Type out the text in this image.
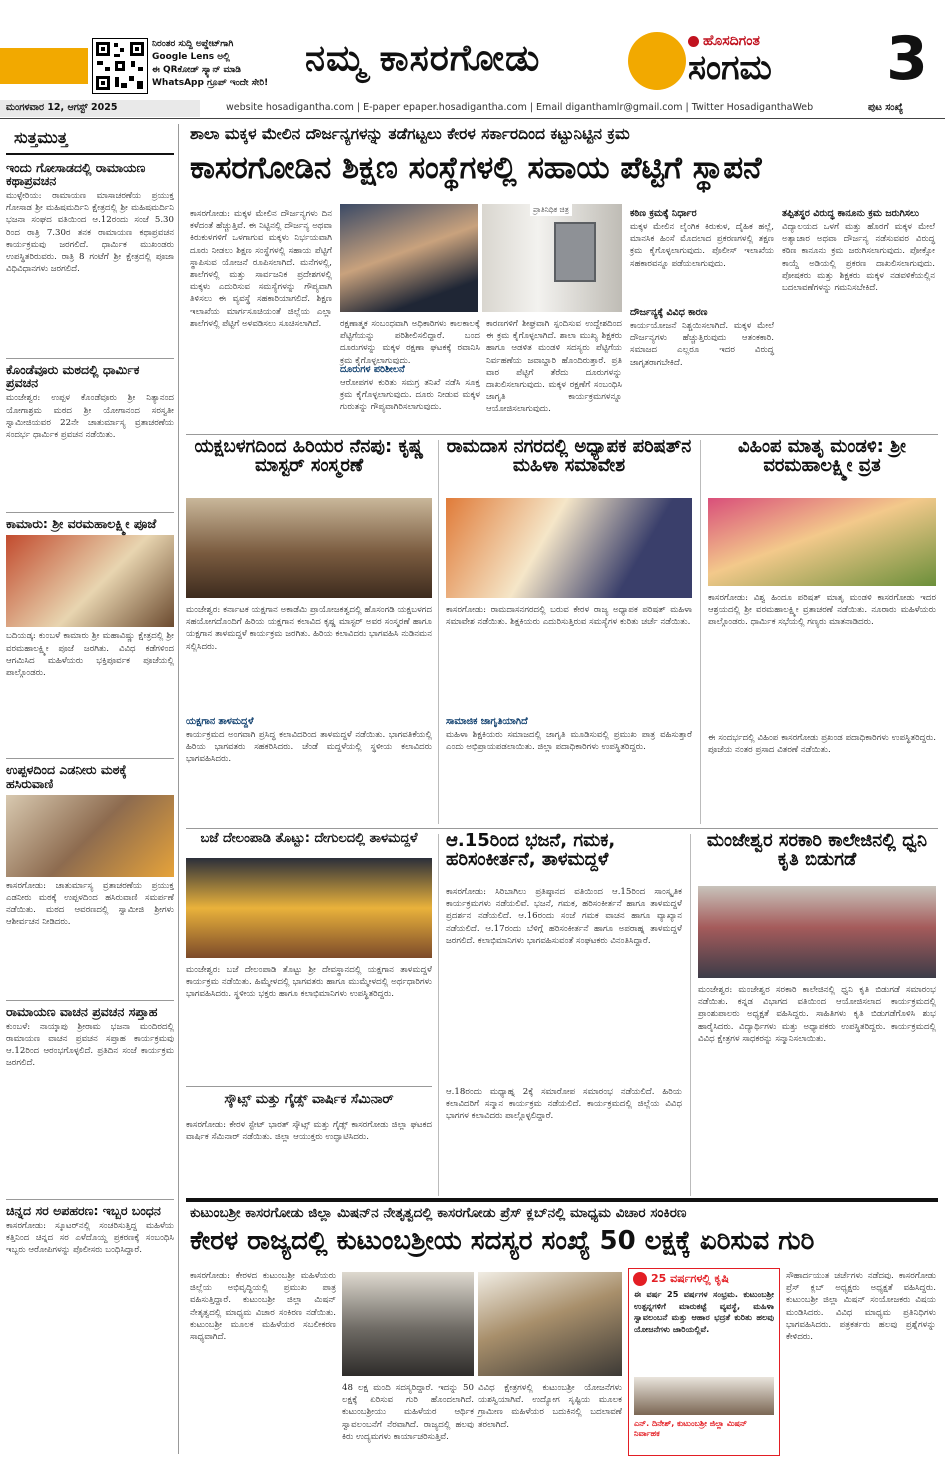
ನಿರಂತರ ಸುದ್ದಿ ಅಪ್ಡೇಟ್‌ಗಾಗಿ
Google Lens ಅಲ್ಲಿ
ಈ QRಕೋಡ್ ಸ್ಕ್ಯಾನ್ ಮಾಡಿ
WhatsApp ಗ್ರೂಪ್ ಇಂದೇ ಸೇರಿ!
ನಮ್ಮ ಕಾಸರಗೋಡು	ಹೊಸದಿಗಂತ
ಸಂಗಮ	3
ಮಂಗಳವಾರ 12, ಆಗಸ್ಟ್ 2025	website hosadigantha.com | E-paper epaper.hosadigantha.com | Email diganthamlr@gmail.com | Twitter HosadiganthaWeb	ಪುಟ ಸಂಖ್ಯೆ
ಸುತ್ತಮುತ್ತ
ಇಂದು ಗೋಸಾಡದಲ್ಲಿ ರಾಮಾಯಣ ಕಥಾಪ್ರವಚನ
ಮುಳ್ಳೇರಿಯ: ರಾಮಾಯಣ ಮಾಸಾಚರಣೆಯ ಪ್ರಯುಕ್ತ ಗೋಸಾಡ ಶ್ರೀ ಮಹಿಷಮರ್ದಿನಿ ಕ್ಷೇತ್ರದಲ್ಲಿ ಶ್ರೀ ಮಹಿಷಮರ್ದಿನಿ ಭಜನಾ ಸಂಘದ ವತಿಯಿಂದ ಆ.12ರಂದು ಸಂಜೆ 5.30 ರಿಂದ ರಾತ್ರಿ 7.30ರ ತನಕ ರಾಮಾಯಣ ಕಥಾಪ್ರವಚನ ಕಾರ್ಯಕ್ರಮವು ಜರಗಲಿದೆ. ಧಾರ್ಮಿಕ ಮುಖಂಡರು ಉಪಸ್ಥಿತರಿರುವರು. ರಾತ್ರಿ 8 ಗಂಟೆಗೆ ಶ್ರೀ ಕ್ಷೇತ್ರದಲ್ಲಿ ಪೂಜಾ ವಿಧಿವಿಧಾನಗಳು ಜರಗಲಿದೆ.
ಕೊಂಡೆವೂರು ಮಠದಲ್ಲಿ ಧಾರ್ಮಿಕ ಪ್ರವಚನ
ಮಂಜೇಶ್ವರ: ಉಪ್ಪಳ ಕೊಂಡೆವೂರು ಶ್ರೀ ನಿತ್ಯಾನಂದ ಯೋಗಾಶ್ರಮ ಮಠದ ಶ್ರೀ ಯೋಗಾನಂದ ಸರಸ್ವತೀ ಸ್ವಾಮೀಜಿಯವರ 22ನೇ ಚಾತುರ್ಮಾಸ್ಯ ವ್ರತಾಚರಣೆಯ ಸಂದರ್ಭ ಧಾರ್ಮಿಕ ಪ್ರವಚನ ನಡೆಯಿತು.
ಕಾಮಾರು: ಶ್ರೀ ವರಮಹಾಲಕ್ಷ್ಮೀ ಪೂಜೆ
ಬದಿಯಡ್ಕ: ಕುಂಬಳೆ ಕಾಮಾರು ಶ್ರೀ ಮಹಾವಿಷ್ಣು ಕ್ಷೇತ್ರದಲ್ಲಿ ಶ್ರೀ ವರಮಹಾಲಕ್ಷ್ಮೀ ಪೂಜೆ ಜರಗಿತು. ವಿವಿಧ ಕಡೆಗಳಿಂದ ಆಗಮಿಸಿದ ಮಹಿಳೆಯರು ಭಕ್ತಿಪೂರ್ವಕ ಪೂಜೆಯಲ್ಲಿ ಪಾಲ್ಗೊಂಡರು.
ಉಪ್ಪಳದಿಂದ ಎಡನೀರು ಮಠಕ್ಕೆ ಹಸಿರುವಾಣಿ
ಕಾಸರಗೋಡು: ಚಾತುರ್ಮಾಸ್ಯ ವ್ರತಾಚರಣೆಯ ಪ್ರಯುಕ್ತ ಎಡನೀರು ಮಠಕ್ಕೆ ಉಪ್ಪಳದಿಂದ ಹಸಿರುವಾಣಿ ಸಮರ್ಪಣೆ ನಡೆಯಿತು. ಮಠದ ಆವರಣದಲ್ಲಿ ಸ್ವಾಮೀಜಿ ಶ್ರೀಗಳು ಆಶೀರ್ವಚನ ನೀಡಿದರು.
ರಾಮಾಯಣ ವಾಚನ ಪ್ರವಚನ ಸಪ್ತಾಹ
ಕುಂಬಳೆ: ನಾಯ್ಕಾಪು ಶ್ರೀರಾಮ ಭಜನಾ ಮಂದಿರದಲ್ಲಿ ರಾಮಾಯಣ ವಾಚನ ಪ್ರವಚನ ಸಪ್ತಾಹ ಕಾರ್ಯಕ್ರಮವು ಆ.12ರಿಂದ ಆರಂಭಗೊಳ್ಳಲಿದೆ. ಪ್ರತಿದಿನ ಸಂಜೆ ಕಾರ್ಯಕ್ರಮ ಜರಗಲಿದೆ.
ಚಿನ್ನದ ಸರ ಅಪಹರಣ: ಇಬ್ಬರ ಬಂಧನ
ಕಾಸರಗೋಡು: ಸ್ಕೂಟರ್‌ನಲ್ಲಿ ಸಂಚರಿಸುತ್ತಿದ್ದ ಮಹಿಳೆಯ ಕತ್ತಿನಿಂದ ಚಿನ್ನದ ಸರ ಎಳೆದೊಯ್ದ ಪ್ರಕರಣಕ್ಕೆ ಸಂಬಂಧಿಸಿ ಇಬ್ಬರು ಆರೋಪಿಗಳನ್ನು ಪೊಲೀಸರು ಬಂಧಿಸಿದ್ದಾರೆ.
ಶಾಲಾ ಮಕ್ಕಳ ಮೇಲಿನ ದೌರ್ಜನ್ಯಗಳನ್ನು ತಡೆಗಟ್ಟಲು ಕೇರಳ ಸರ್ಕಾರದಿಂದ ಕಟ್ಟುನಿಟ್ಟಿನ ಕ್ರಮ
ಕಾಸರಗೋಡಿನ ಶಿಕ್ಷಣ ಸಂಸ್ಥೆಗಳಲ್ಲಿ ಸಹಾಯ ಪೆಟ್ಟಿಗೆ ಸ್ಥಾಪನೆ
ಪ್ರಾತಿನಿಧಿಕ ಚಿತ್ರ
ಕಾಸರಗೋಡು: ಮಕ್ಕಳ ಮೇಲಿನ ದೌರ್ಜನ್ಯಗಳು ದಿನ ಕಳೆದಂತೆ ಹೆಚ್ಚುತ್ತಿವೆ. ಈ ನಿಟ್ಟಿನಲ್ಲಿ ದೌರ್ಜನ್ಯ ಅಥವಾ ಕಿರುಕುಳಗಳಿಗೆ ಒಳಗಾಗುವ ಮಕ್ಕಳು ನಿರ್ಭಯವಾಗಿ ದೂರು ನೀಡಲು ಶಿಕ್ಷಣ ಸಂಸ್ಥೆಗಳಲ್ಲಿ ಸಹಾಯ ಪೆಟ್ಟಿಗೆ ಸ್ಥಾಪಿಸುವ ಯೋಜನೆ ರೂಪಿಸಲಾಗಿದೆ. ಮನೆಗಳಲ್ಲಿ, ಶಾಲೆಗಳಲ್ಲಿ ಮತ್ತು ಸಾರ್ವಜನಿಕ ಪ್ರದೇಶಗಳಲ್ಲಿ ಮಕ್ಕಳು ಎದುರಿಸುವ ಸಮಸ್ಯೆಗಳನ್ನು ಗೌಪ್ಯವಾಗಿ ತಿಳಿಸಲು ಈ ವ್ಯವಸ್ಥೆ ಸಹಕಾರಿಯಾಗಲಿದೆ. ಶಿಕ್ಷಣ ಇಲಾಖೆಯ ಮಾರ್ಗಸೂಚಿಯಂತೆ ಜಿಲ್ಲೆಯ ಎಲ್ಲಾ ಶಾಲೆಗಳಲ್ಲಿ ಪೆಟ್ಟಿಗೆ ಅಳವಡಿಸಲು ಸೂಚಿಸಲಾಗಿದೆ.	ರಕ್ಷಣಾತ್ಮಕ ಸಂಬಂಧವಾಗಿ ಅಧಿಕಾರಿಗಳು ಕಾಲಕಾಲಕ್ಕೆ ಪೆಟ್ಟಿಗೆಯನ್ನು ಪರಿಶೀಲಿಸಲಿದ್ದಾರೆ. ಬಂದ ದೂರುಗಳನ್ನು ಮಕ್ಕಳ ರಕ್ಷಣಾ ಘಟಕಕ್ಕೆ ರವಾನಿಸಿ ಕ್ರಮ ಕೈಗೊಳ್ಳಲಾಗುವುದು.
ದೂರುಗಳ ಪರಿಶೀಲನೆ
ಆರೋಪಗಳ ಕುರಿತು ಸಮಗ್ರ ತನಿಖೆ ನಡೆಸಿ ಸೂಕ್ತ ಕ್ರಮ ಕೈಗೊಳ್ಳಲಾಗುವುದು. ದೂರು ನೀಡುವ ಮಕ್ಕಳ ಗುರುತನ್ನು ಗೌಪ್ಯವಾಗಿರಿಸಲಾಗುವುದು.
ಕಾರಣಗಳಿಗೆ ಶೀಘ್ರವಾಗಿ ಸ್ಪಂದಿಸುವ ಉದ್ದೇಶದಿಂದ ಈ ಕ್ರಮ ಕೈಗೊಳ್ಳಲಾಗಿದೆ. ಶಾಲಾ ಮುಖ್ಯ ಶಿಕ್ಷಕರು ಹಾಗೂ ಆಡಳಿತ ಮಂಡಳಿ ಸದಸ್ಯರು ಪೆಟ್ಟಿಗೆಯ ನಿರ್ವಹಣೆಯ ಜವಾಬ್ದಾರಿ ಹೊಂದಿರುತ್ತಾರೆ. ಪ್ರತಿ ವಾರ ಪೆಟ್ಟಿಗೆ ತೆರೆದು ದೂರುಗಳನ್ನು ದಾಖಲಿಸಲಾಗುವುದು. ಮಕ್ಕಳ ರಕ್ಷಣೆಗೆ ಸಂಬಂಧಿಸಿ ಜಾಗೃತಿ ಕಾರ್ಯಕ್ರಮಗಳನ್ನೂ ಆಯೋಜಿಸಲಾಗುವುದು.
ಕಠಿಣ ಕ್ರಮಕ್ಕೆ ನಿರ್ಧಾರ
ಮಕ್ಕಳ ಮೇಲಿನ ಲೈಂಗಿಕ ಕಿರುಕುಳ, ದೈಹಿಕ ಹಲ್ಲೆ, ಮಾನಸಿಕ ಹಿಂಸೆ ಮೊದಲಾದ ಪ್ರಕರಣಗಳಲ್ಲಿ ತಕ್ಷಣ ಕ್ರಮ ಕೈಗೊಳ್ಳಲಾಗುವುದು. ಪೊಲೀಸ್ ಇಲಾಖೆಯ ಸಹಕಾರವನ್ನೂ ಪಡೆಯಲಾಗುವುದು.
ದೌರ್ಜನ್ಯಕ್ಕೆ ವಿವಿಧ ಕಾರಣ
ಕಾರ್ಯಯೋಜನೆ ನಿಶ್ಚಯಿಸಲಾಗಿದೆ. ಮಕ್ಕಳ ಮೇಲೆ ದೌರ್ಜನ್ಯಗಳು ಹೆಚ್ಚುತ್ತಿರುವುದು ಆತಂಕಕಾರಿ. ಸಮಾಜದ ಎಲ್ಲರೂ ಇದರ ವಿರುದ್ಧ ಜಾಗೃತರಾಗಬೇಕಿದೆ.
ತಪ್ಪಿತಸ್ಥರ ವಿರುದ್ಧ ಕಾನೂನು ಕ್ರಮ ಜರುಗಿಸಲು
ವಿದ್ಯಾಲಯದ ಒಳಗೆ ಮತ್ತು ಹೊರಗೆ ಮಕ್ಕಳ ಮೇಲೆ ಅತ್ಯಾಚಾರ ಅಥವಾ ದೌರ್ಜನ್ಯ ನಡೆಸುವವರ ವಿರುದ್ಧ ಕಠಿಣ ಕಾನೂನು ಕ್ರಮ ಜರುಗಿಸಲಾಗುವುದು. ಪೋಕ್ಸೋ ಕಾಯ್ದೆ ಅಡಿಯಲ್ಲಿ ಪ್ರಕರಣ ದಾಖಲಿಸಲಾಗುವುದು. ಪೋಷಕರು ಮತ್ತು ಶಿಕ್ಷಕರು ಮಕ್ಕಳ ನಡವಳಿಕೆಯಲ್ಲಿನ ಬದಲಾವಣೆಗಳನ್ನು ಗಮನಿಸಬೇಕಿದೆ.
ಯಕ್ಷಬಳಗದಿಂದ ಹಿರಿಯರ ನೆನಪು: ಕೃಷ್ಣ ಮಾಸ್ಟರ್ ಸಂಸ್ಮರಣೆ
ಮಂಜೇಶ್ವರ: ಕರ್ನಾಟಕ ಯಕ್ಷಗಾನ ಅಕಾಡೆಮಿ ಪ್ರಾಯೋಜಕತ್ವದಲ್ಲಿ ಹೊಸಂಗಡಿ ಯಕ್ಷಬಳಗದ ಸಹಯೋಗದೊಂದಿಗೆ ಹಿರಿಯ ಯಕ್ಷಗಾನ ಕಲಾವಿದ ಕೃಷ್ಣ ಮಾಸ್ಟರ್ ಅವರ ಸಂಸ್ಮರಣೆ ಹಾಗೂ ಯಕ್ಷಗಾನ ತಾಳಮದ್ದಳೆ ಕಾರ್ಯಕ್ರಮ ಜರಗಿತು. ಹಿರಿಯ ಕಲಾವಿದರು ಭಾಗವಹಿಸಿ ನುಡಿನಮನ ಸಲ್ಲಿಸಿದರು.
ಯಕ್ಷಗಾನ ತಾಳಮದ್ದಳೆ
ಕಾರ್ಯಕ್ರಮದ ಅಂಗವಾಗಿ ಪ್ರಸಿದ್ಧ ಕಲಾವಿದರಿಂದ ತಾಳಮದ್ದಳೆ ನಡೆಯಿತು. ಭಾಗವತಿಕೆಯಲ್ಲಿ ಹಿರಿಯ ಭಾಗವತರು ಸಹಕರಿಸಿದರು. ಚೆಂಡೆ ಮದ್ದಳೆಯಲ್ಲಿ ಸ್ಥಳೀಯ ಕಲಾವಿದರು ಭಾಗವಹಿಸಿದರು.
ರಾಮದಾಸ ನಗರದಲ್ಲಿ ಅಧ್ಯಾಪಕ ಪರಿಷತ್‌ನ ಮಹಿಳಾ ಸಮಾವೇಶ
ಕಾಸರಗೋಡು: ರಾಮದಾಸನಗರದಲ್ಲಿ ಬರುವ ಕೇರಳ ರಾಜ್ಯ ಅಧ್ಯಾಪಕ ಪರಿಷತ್ ಮಹಿಳಾ ಸಮಾವೇಶ ನಡೆಯಿತು. ಶಿಕ್ಷಕಿಯರು ಎದುರಿಸುತ್ತಿರುವ ಸಮಸ್ಯೆಗಳ ಕುರಿತು ಚರ್ಚೆ ನಡೆಯಿತು.
ಸಾಮಾಜಿಕ ಜಾಗೃತಿಯಾಗಿದೆ
ಮಹಿಳಾ ಶಿಕ್ಷಕಿಯರು ಸಮಾಜದಲ್ಲಿ ಜಾಗೃತಿ ಮೂಡಿಸುವಲ್ಲಿ ಪ್ರಮುಖ ಪಾತ್ರ ವಹಿಸುತ್ತಾರೆ ಎಂದು ಅಭಿಪ್ರಾಯಪಡಲಾಯಿತು. ಜಿಲ್ಲಾ ಪದಾಧಿಕಾರಿಗಳು ಉಪಸ್ಥಿತರಿದ್ದರು.
ವಿಹಿಂಪ ಮಾತೃ ಮಂಡಳಿ: ಶ್ರೀ ವರಮಹಾಲಕ್ಷ್ಮೀ ವ್ರತ
ಕಾಸರಗೋಡು: ವಿಶ್ವ ಹಿಂದೂ ಪರಿಷತ್ ಮಾತೃ ಮಂಡಳಿ ಕಾಸರಗೋಡು ಇದರ ಆಶ್ರಯದಲ್ಲಿ ಶ್ರೀ ವರಮಹಾಲಕ್ಷ್ಮೀ ವ್ರತಾಚರಣೆ ನಡೆಯಿತು. ನೂರಾರು ಮಹಿಳೆಯರು ಪಾಲ್ಗೊಂಡರು. ಧಾರ್ಮಿಕ ಸಭೆಯಲ್ಲಿ ಗಣ್ಯರು ಮಾತನಾಡಿದರು.
ಈ ಸಂದರ್ಭದಲ್ಲಿ ವಿಹಿಂಪ ಕಾಸರಗೋಡು ಪ್ರಖಂಡ ಪದಾಧಿಕಾರಿಗಳು ಉಪಸ್ಥಿತರಿದ್ದರು. ಪೂಜೆಯ ನಂತರ ಪ್ರಸಾದ ವಿತರಣೆ ನಡೆಯಿತು.
ಬಜೆ ದೇಲಂಪಾಡಿ ತೊಟ್ಟು: ದೇಗುಲದಲ್ಲಿ ತಾಳಮದ್ದಳೆ
ಮಂಜೇಶ್ವರ: ಬಜೆ ದೇಲಂಪಾಡಿ ತೊಟ್ಟು ಶ್ರೀ ದೇವಸ್ಥಾನದಲ್ಲಿ ಯಕ್ಷಗಾನ ತಾಳಮದ್ದಳೆ ಕಾರ್ಯಕ್ರಮ ನಡೆಯಿತು. ಹಿಮ್ಮೇಳದಲ್ಲಿ ಭಾಗವತರು ಹಾಗೂ ಮುಮ್ಮೇಳದಲ್ಲಿ ಅರ್ಥಧಾರಿಗಳು ಭಾಗವಹಿಸಿದರು. ಸ್ಥಳೀಯ ಭಕ್ತರು ಹಾಗೂ ಕಲಾಭಿಮಾನಿಗಳು ಉಪಸ್ಥಿತರಿದ್ದರು.
ಸ್ಕೌಟ್ಸ್ ಮತ್ತು ಗೈಡ್ಸ್ ವಾರ್ಷಿಕ ಸೆಮಿನಾರ್
ಕಾಸರಗೋಡು: ಕೇರಳ ಸ್ಟೇಟ್ ಭಾರತ್ ಸ್ಕೌಟ್ಸ್ ಮತ್ತು ಗೈಡ್ಸ್ ಕಾಸರಗೋಡು ಜಿಲ್ಲಾ ಘಟಕದ ವಾರ್ಷಿಕ ಸೆಮಿನಾರ್ ನಡೆಯಿತು. ಜಿಲ್ಲಾ ಆಯುಕ್ತರು ಉದ್ಘಾಟಿಸಿದರು.
ಆ.15ರಿಂದ ಭಜನೆ, ಗಮಕ, ಹರಿಸಂಕೀರ್ತನೆ, ತಾಳಮದ್ದಳೆ
ಕಾಸರಗೋಡು: ಸಿರಿಬಾಗಿಲು ಪ್ರತಿಷ್ಠಾನದ ವತಿಯಿಂದ ಆ.15ರಿಂದ ಸಾಂಸ್ಕೃತಿಕ ಕಾರ್ಯಕ್ರಮಗಳು ನಡೆಯಲಿವೆ. ಭಜನೆ, ಗಮಕ, ಹರಿಸಂಕೀರ್ತನೆ ಹಾಗೂ ತಾಳಮದ್ದಳೆ ಪ್ರದರ್ಶನ ನಡೆಯಲಿದೆ. ಆ.16ರಂದು ಸಂಜೆ ಗಮಕ ವಾಚನ ಹಾಗೂ ವ್ಯಾಖ್ಯಾನ ನಡೆಯಲಿದೆ. ಆ.17ರಂದು ಬೆಳಿಗ್ಗೆ ಹರಿಸಂಕೀರ್ತನೆ ಹಾಗೂ ಅಪರಾಹ್ನ ತಾಳಮದ್ದಳೆ ಜರಗಲಿದೆ. ಕಲಾಭಿಮಾನಿಗಳು ಭಾಗವಹಿಸುವಂತೆ ಸಂಘಟಕರು ವಿನಂತಿಸಿದ್ದಾರೆ.
ಆ.18ರಂದು ಮಧ್ಯಾಹ್ನ 2ಕ್ಕೆ ಸಮಾರೋಪ ಸಮಾರಂಭ ನಡೆಯಲಿದೆ. ಹಿರಿಯ ಕಲಾವಿದರಿಗೆ ಸನ್ಮಾನ ಕಾರ್ಯಕ್ರಮ ನಡೆಯಲಿದೆ. ಕಾರ್ಯಕ್ರಮದಲ್ಲಿ ಜಿಲ್ಲೆಯ ವಿವಿಧ ಭಾಗಗಳ ಕಲಾವಿದರು ಪಾಲ್ಗೊಳ್ಳಲಿದ್ದಾರೆ.
ಮಂಜೇಶ್ವರ ಸರಕಾರಿ ಕಾಲೇಜಿನಲ್ಲಿ ಧ್ವನಿ ಕೃತಿ ಬಿಡುಗಡೆ
ಮಂಜೇಶ್ವರ: ಮಂಜೇಶ್ವರ ಸರಕಾರಿ ಕಾಲೇಜಿನಲ್ಲಿ ಧ್ವನಿ ಕೃತಿ ಬಿಡುಗಡೆ ಸಮಾರಂಭ ನಡೆಯಿತು. ಕನ್ನಡ ವಿಭಾಗದ ವತಿಯಿಂದ ಆಯೋಜಿಸಲಾದ ಕಾರ್ಯಕ್ರಮದಲ್ಲಿ ಪ್ರಾಂಶುಪಾಲರು ಅಧ್ಯಕ್ಷತೆ ವಹಿಸಿದ್ದರು. ಸಾಹಿತಿಗಳು ಕೃತಿ ಬಿಡುಗಡೆಗೊಳಿಸಿ ಶುಭ ಹಾರೈಸಿದರು. ವಿದ್ಯಾರ್ಥಿಗಳು ಮತ್ತು ಅಧ್ಯಾಪಕರು ಉಪಸ್ಥಿತರಿದ್ದರು. ಕಾರ್ಯಕ್ರಮದಲ್ಲಿ ವಿವಿಧ ಕ್ಷೇತ್ರಗಳ ಸಾಧಕರನ್ನು ಸನ್ಮಾನಿಸಲಾಯಿತು.
ಕುಟುಂಬಶ್ರೀ ಕಾಸರಗೋಡು ಜಿಲ್ಲಾ ಮಿಷನ್‌ನ ನೇತೃತ್ವದಲ್ಲಿ ಕಾಸರಗೋಡು ಪ್ರೆಸ್ ಕ್ಲಬ್‌ನಲ್ಲಿ ಮಾಧ್ಯಮ ವಿಚಾರ ಸಂಕಿರಣ
ಕೇರಳ ರಾಜ್ಯದಲ್ಲಿ ಕುಟುಂಬಶ್ರೀಯ ಸದಸ್ಯರ ಸಂಖ್ಯೆ 50 ಲಕ್ಷಕ್ಕೆ ಏರಿಸುವ ಗುರಿ
ಕಾಸರಗೋಡು: ಕೇರಳದ ಕುಟುಂಬಶ್ರೀ ಮಹಿಳೆಯರು ಜಿಲ್ಲೆಯ ಅಭಿವೃದ್ಧಿಯಲ್ಲಿ ಪ್ರಮುಖ ಪಾತ್ರ ವಹಿಸುತ್ತಿದ್ದಾರೆ. ಕುಟುಂಬಶ್ರೀ ಜಿಲ್ಲಾ ಮಿಷನ್ ನೇತೃತ್ವದಲ್ಲಿ ಮಾಧ್ಯಮ ವಿಚಾರ ಸಂಕಿರಣ ನಡೆಯಿತು. ಕುಟುಂಬಶ್ರೀ ಮೂಲಕ ಮಹಿಳೆಯರ ಸಬಲೀಕರಣ ಸಾಧ್ಯವಾಗಿದೆ.
48 ಲಕ್ಷ ಮಂದಿ ಸದಸ್ಯರಿದ್ದಾರೆ. ಇದನ್ನು 50 ಲಕ್ಷಕ್ಕೆ ಏರಿಸುವ ಗುರಿ ಹೊಂದಲಾಗಿದೆ. ಕುಟುಂಬಶ್ರೀಯು ಮಹಿಳೆಯರ ಆರ್ಥಿಕ ಸ್ವಾವಲಂಬನೆಗೆ ನೆರವಾಗಿದೆ. ರಾಜ್ಯದಲ್ಲಿ ಹಲವು ಕಿರು ಉದ್ಯಮಗಳು ಕಾರ್ಯಾಚರಿಸುತ್ತಿವೆ.
ವಿವಿಧ ಕ್ಷೇತ್ರಗಳಲ್ಲಿ ಕುಟುಂಬಶ್ರೀ ಯೋಜನೆಗಳು ಯಶಸ್ವಿಯಾಗಿವೆ. ಉದ್ಯೋಗ ಸೃಷ್ಟಿಯ ಮೂಲಕ ಗ್ರಾಮೀಣ ಮಹಿಳೆಯರ ಬದುಕಿನಲ್ಲಿ ಬದಲಾವಣೆ ತರಲಾಗಿದೆ.
25 ವರ್ಷಗಳಲ್ಲಿ ಕೃಷಿ
ಈ ವರ್ಷ 25 ವರ್ಷಗಳ ಸಂಭ್ರಮ. ಕುಟುಂಬಶ್ರೀ ಉತ್ಪನ್ನಗಳಿಗೆ ಮಾರುಕಟ್ಟೆ ವ್ಯವಸ್ಥೆ, ಮಹಿಳಾ ಸ್ವಾವಲಂಬನೆ ಮತ್ತು ಆಹಾರ ಭದ್ರತೆ ಕುರಿತು ಹಲವು ಯೋಜನೆಗಳು ಜಾರಿಯಲ್ಲಿವೆ.
ಎನ್. ದಿನೇಶ್, ಕುಟುಂಬಶ್ರೀ ಜಿಲ್ಲಾ ಮಿಷನ್ ನಿರ್ವಾಹಕ
ಸೌಹಾರ್ದಯುತ ಚರ್ಚೆಗಳು ನಡೆದವು. ಕಾಸರಗೋಡು ಪ್ರೆಸ್ ಕ್ಲಬ್ ಅಧ್ಯಕ್ಷರು ಅಧ್ಯಕ್ಷತೆ ವಹಿಸಿದ್ದರು. ಕುಟುಂಬಶ್ರೀ ಜಿಲ್ಲಾ ಮಿಷನ್ ಸಂಯೋಜಕರು ವಿಷಯ ಮಂಡಿಸಿದರು. ವಿವಿಧ ಮಾಧ್ಯಮ ಪ್ರತಿನಿಧಿಗಳು ಭಾಗವಹಿಸಿದರು. ಪತ್ರಕರ್ತರು ಹಲವು ಪ್ರಶ್ನೆಗಳನ್ನು ಕೇಳಿದರು.
